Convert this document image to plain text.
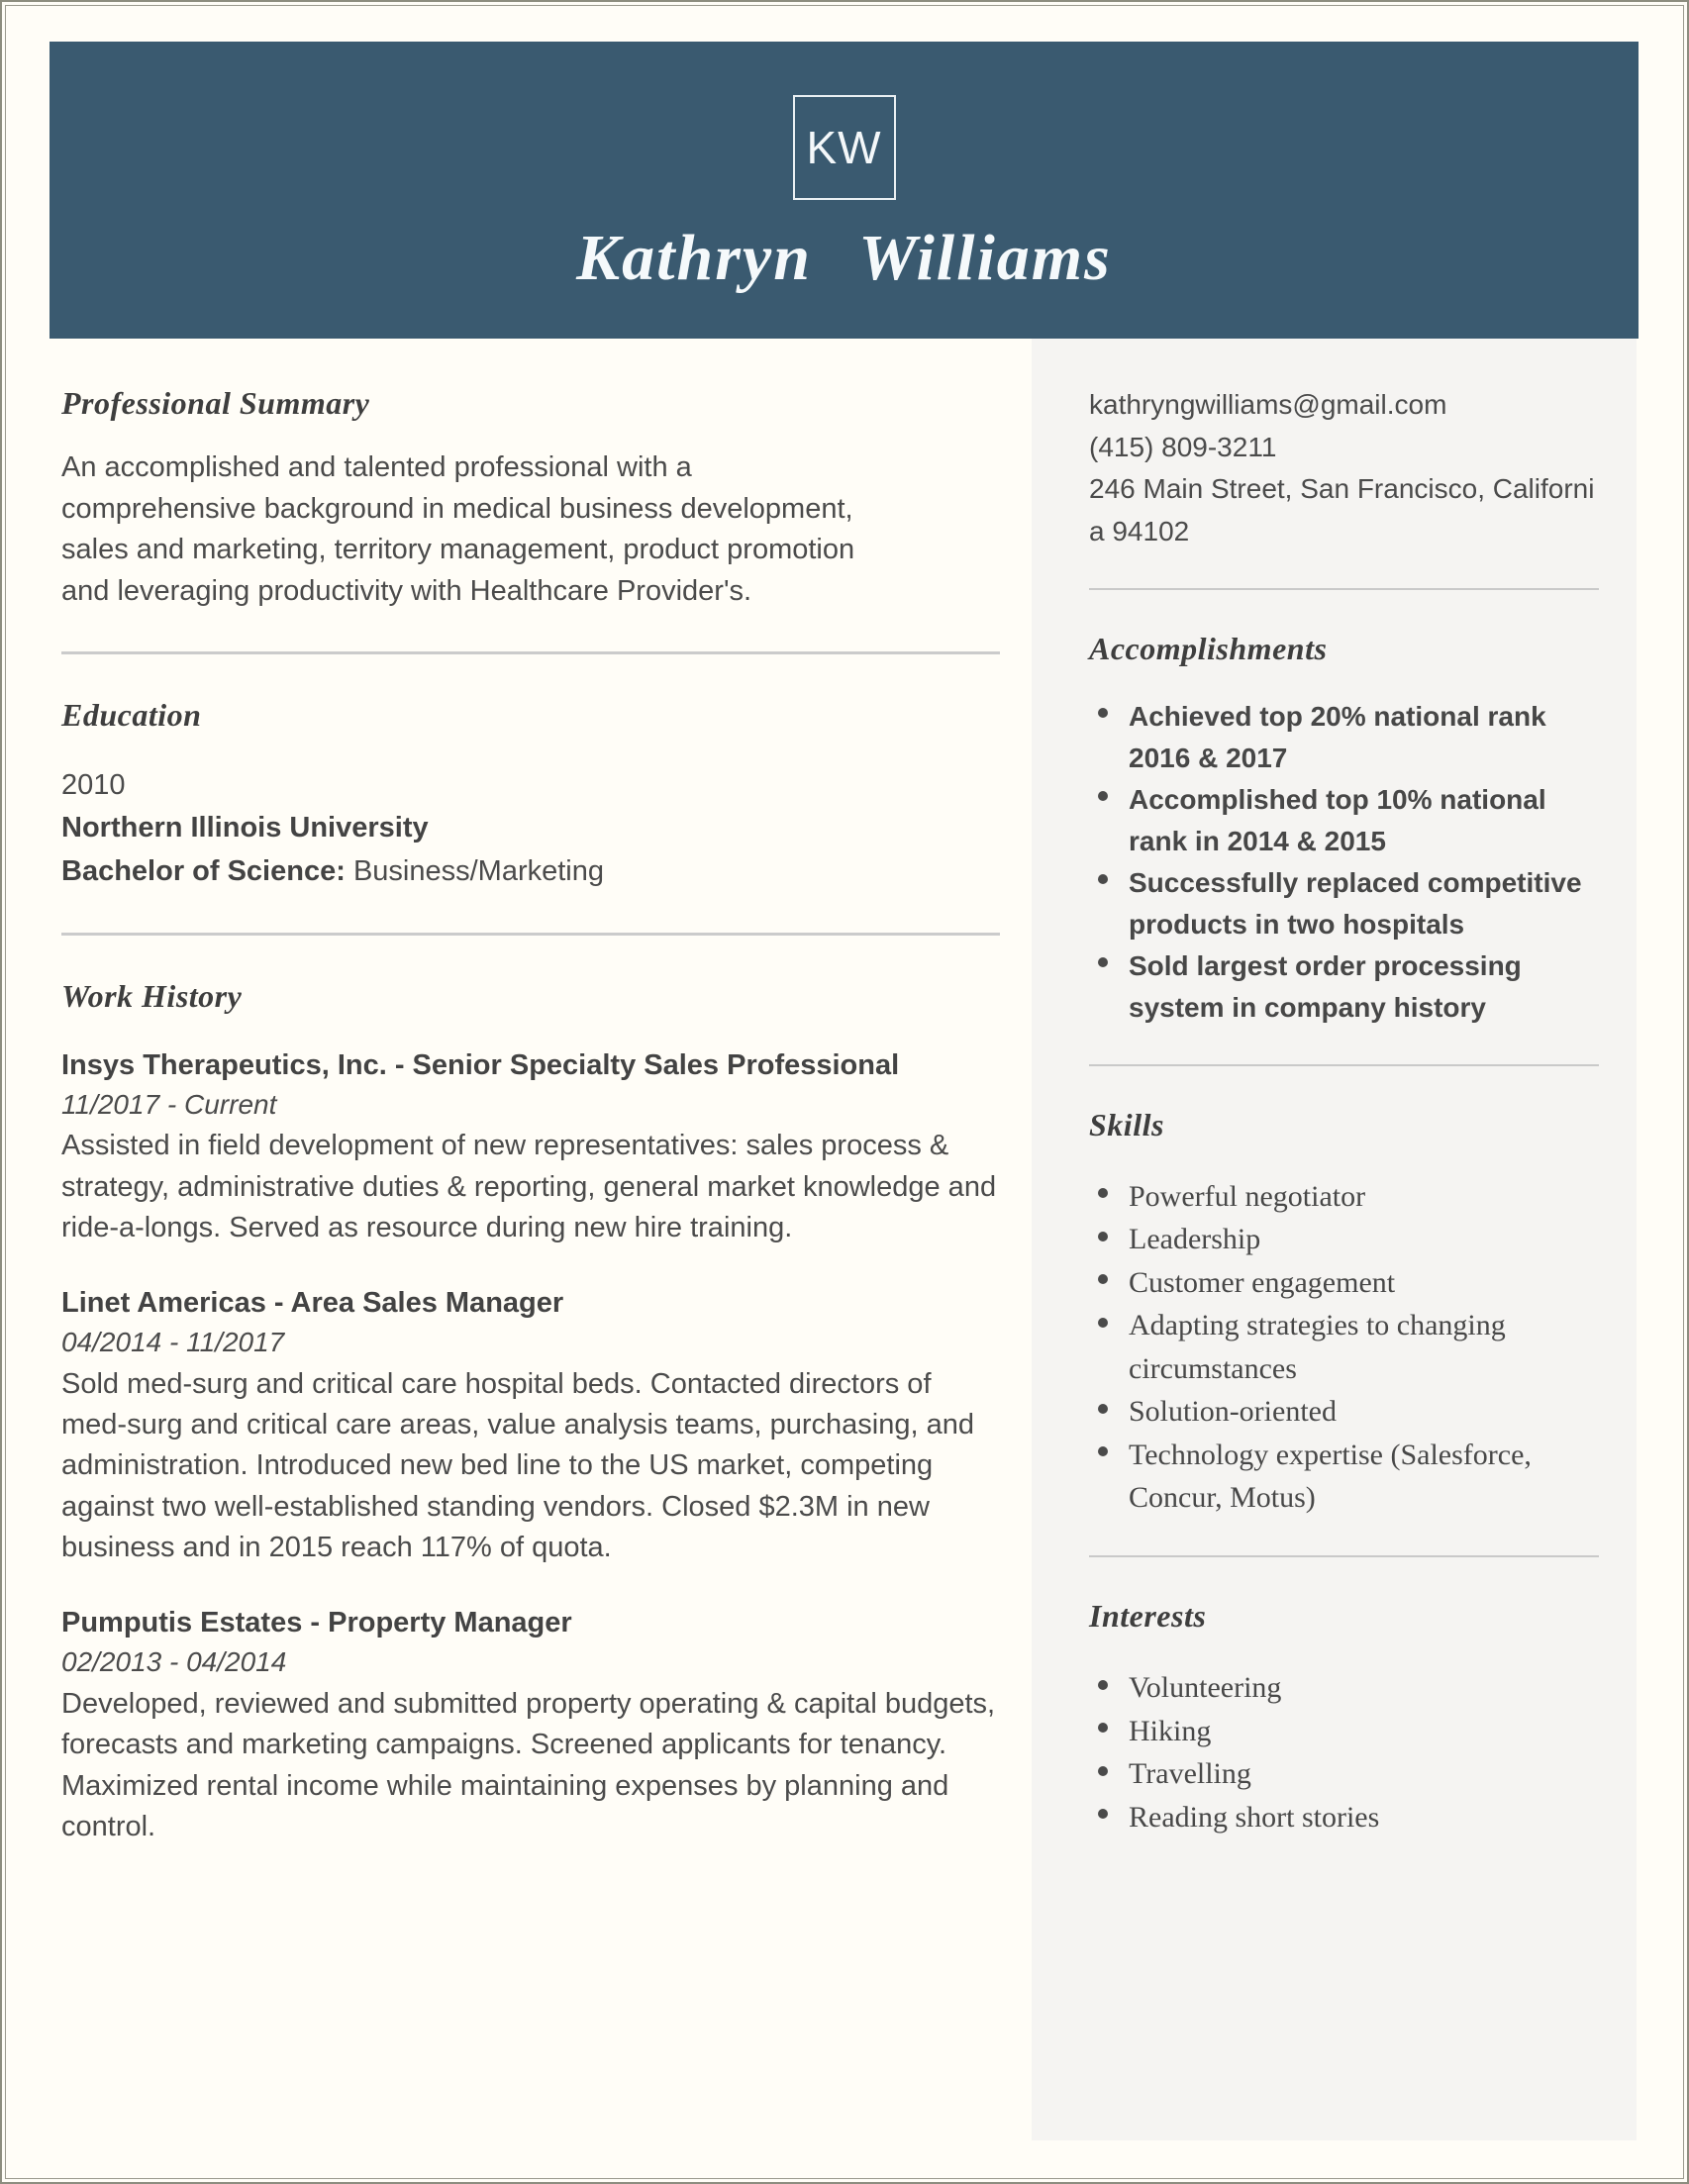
KW
Kathryn Williams
Professional Summary

An accomplished and talented professional with a comprehensive background in medical business development, sales and marketing, territory management, product promotion and leveraging productivity with Healthcare Provider's.

Education
2010
Northern Illinois University
Bachelor of Science: Business/Marketing
Work History
Insys Therapeutics, Inc. - Senior Specialty Sales Professional
11/2017 - Current

Assisted in field development of new representatives: sales process & strategy, administrative duties & reporting, general market knowledge and ride-a-longs. Served as resource during new hire training.

Linet Americas - Area Sales Manager
04/2014 - 11/2017

Sold med-surg and critical care hospital beds. Contacted directors of med-surg and critical care areas, value analysis teams, purchasing, and administration. Introduced new bed line to the US market, competing against two well-established standing vendors. Closed $2.3M in new business and in 2015 reach 117% of quota.

Pumputis Estates - Property Manager
02/2013 - 04/2014

Developed, reviewed and submitted property operating & capital budgets, forecasts and marketing campaigns. Screened applicants for tenancy. Maximized rental income while maintaining expenses by planning and control.

kathryngwilliams@gmail.com
(415) 809-3211
246 Main Street, San Francisco, California 94102
Accomplishments
Achieved top 20% national rank 2016 & 2017
Accomplished top 10% national rank in 2014 & 2015
Successfully replaced competitive products in two hospitals
Sold largest order processing system in company history
Skills
Powerful negotiator
Leadership
Customer engagement
Adapting strategies to changing circumstances
Solution-oriented
Technology expertise (Salesforce, Concur, Motus)
Interests
Volunteering
Hiking
Travelling
Reading short stories
